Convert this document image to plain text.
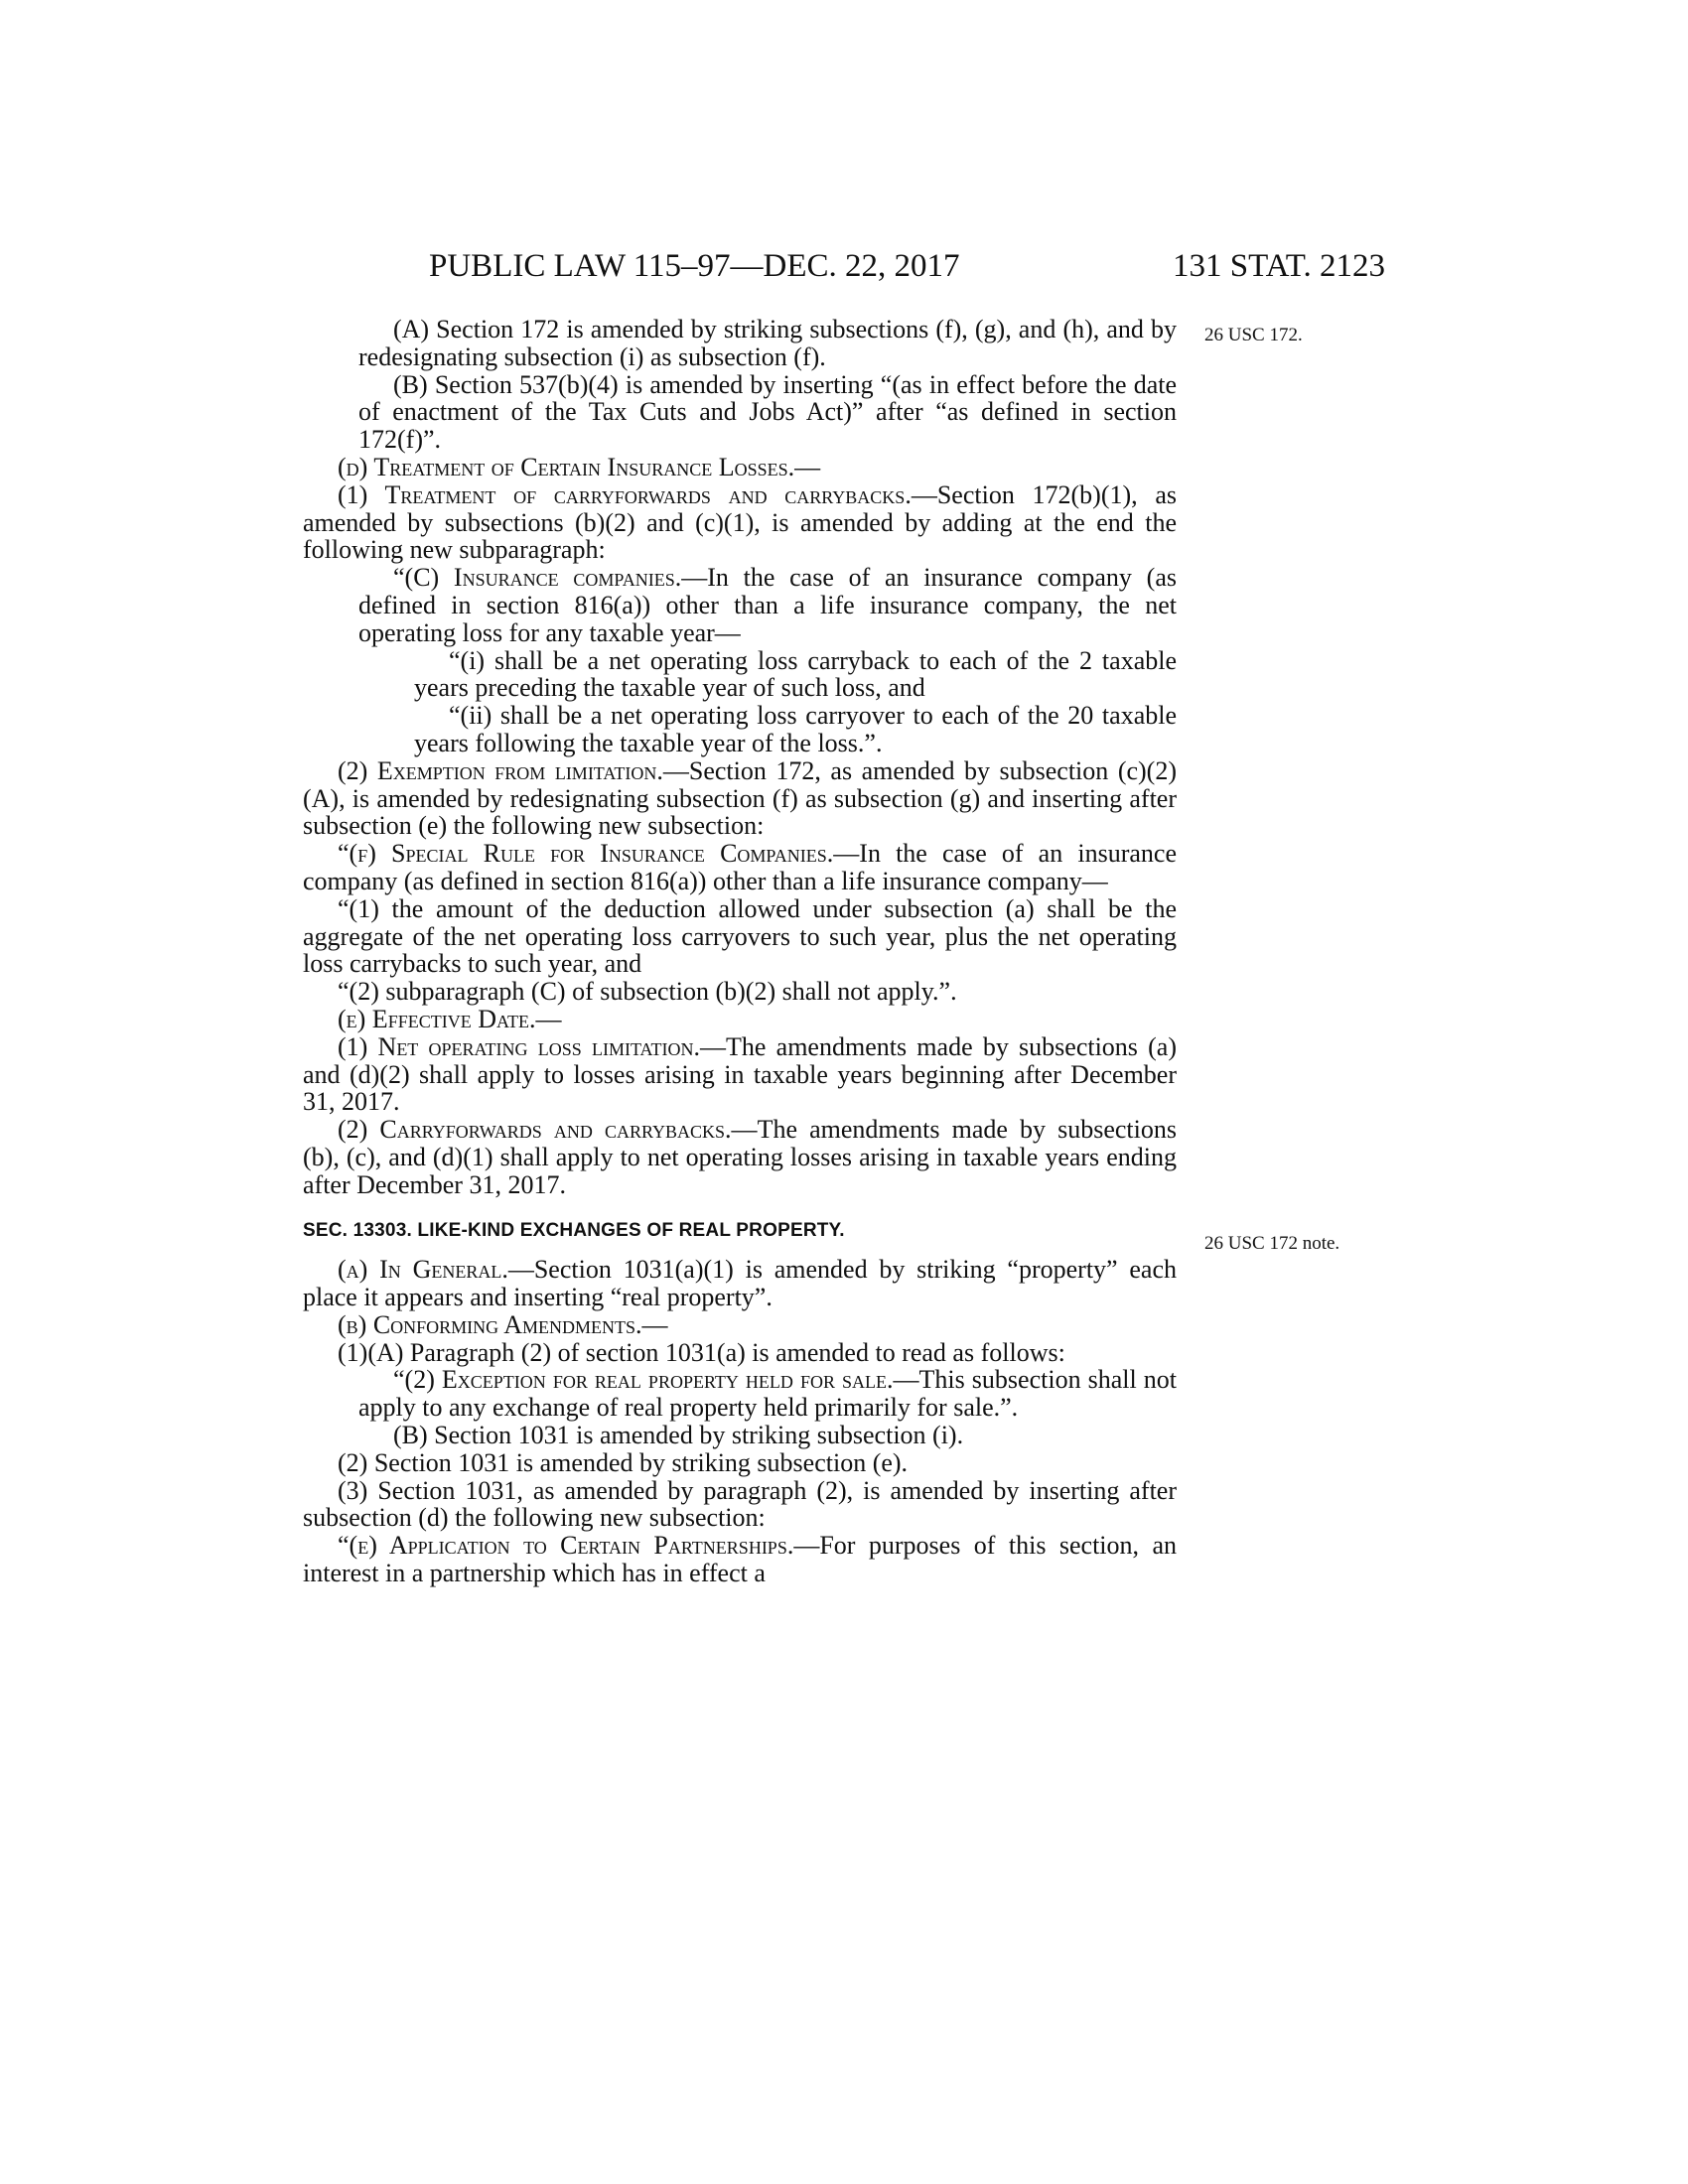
PUBLIC LAW 115–97—DEC. 22, 2017	131 STAT. 2123
26 USC 172.
26 USC 172 note.

(A) Section 172 is amended by striking subsections (f), (g), and (h), and by redesignating subsection (i) as subsection (f).

(B) Section 537(b)(4) is amended by inserting “(as in effect before the date of enactment of the Tax Cuts and Jobs Act)” after “as defined in section 172(f)”.

(d) Treatment of Certain Insurance Losses.—

(1) Treatment of carryforwards and carrybacks.—Section 172(b)(1), as amended by subsections (b)(2) and (c)(1), is amended by adding at the end the following new subparagraph:

“(C) Insurance companies.—In the case of an insurance company (as defined in section 816(a)) other than a life insurance company, the net operating loss for any taxable year—

“(i) shall be a net operating loss carryback to each of the 2 taxable years preceding the taxable year of such loss, and

“(ii) shall be a net operating loss carryover to each of the 20 taxable years following the taxable year of the loss.”.

(2) Exemption from limitation.—Section 172, as amended by subsection (c)(2)(A), is amended by redesignating subsection (f) as subsection (g) and inserting after subsection (e) the following new subsection:

“(f) Special Rule for Insurance Companies.—In the case of an insurance company (as defined in section 816(a)) other than a life insurance company—

“(1) the amount of the deduction allowed under subsection (a) shall be the aggregate of the net operating loss carryovers to such year, plus the net operating loss carrybacks to such year, and

“(2) subparagraph (C) of subsection (b)(2) shall not apply.”.

(e) Effective Date.—

(1) Net operating loss limitation.—The amendments made by subsections (a) and (d)(2) shall apply to losses arising in taxable years beginning after December 31, 2017.

(2) Carryforwards and carrybacks.—The amendments made by subsections (b), (c), and (d)(1) shall apply to net operating losses arising in taxable years ending after December 31, 2017.

SEC. 13303. LIKE-KIND EXCHANGES OF REAL PROPERTY.

(a) In General.—Section 1031(a)(1) is amended by striking “property” each place it appears and inserting “real property”.

(b) Conforming Amendments.—

(1)(A) Paragraph (2) of section 1031(a) is amended to read as follows:

“(2) Exception for real property held for sale.—This subsection shall not apply to any exchange of real property held primarily for sale.”.

(B) Section 1031 is amended by striking subsection (i).

(2) Section 1031 is amended by striking subsection (e).

(3) Section 1031, as amended by paragraph (2), is amended by inserting after subsection (d) the following new subsection:

“(e) Application to Certain Partnerships.—For purposes of this section, an interest in a partnership which has in effect a
